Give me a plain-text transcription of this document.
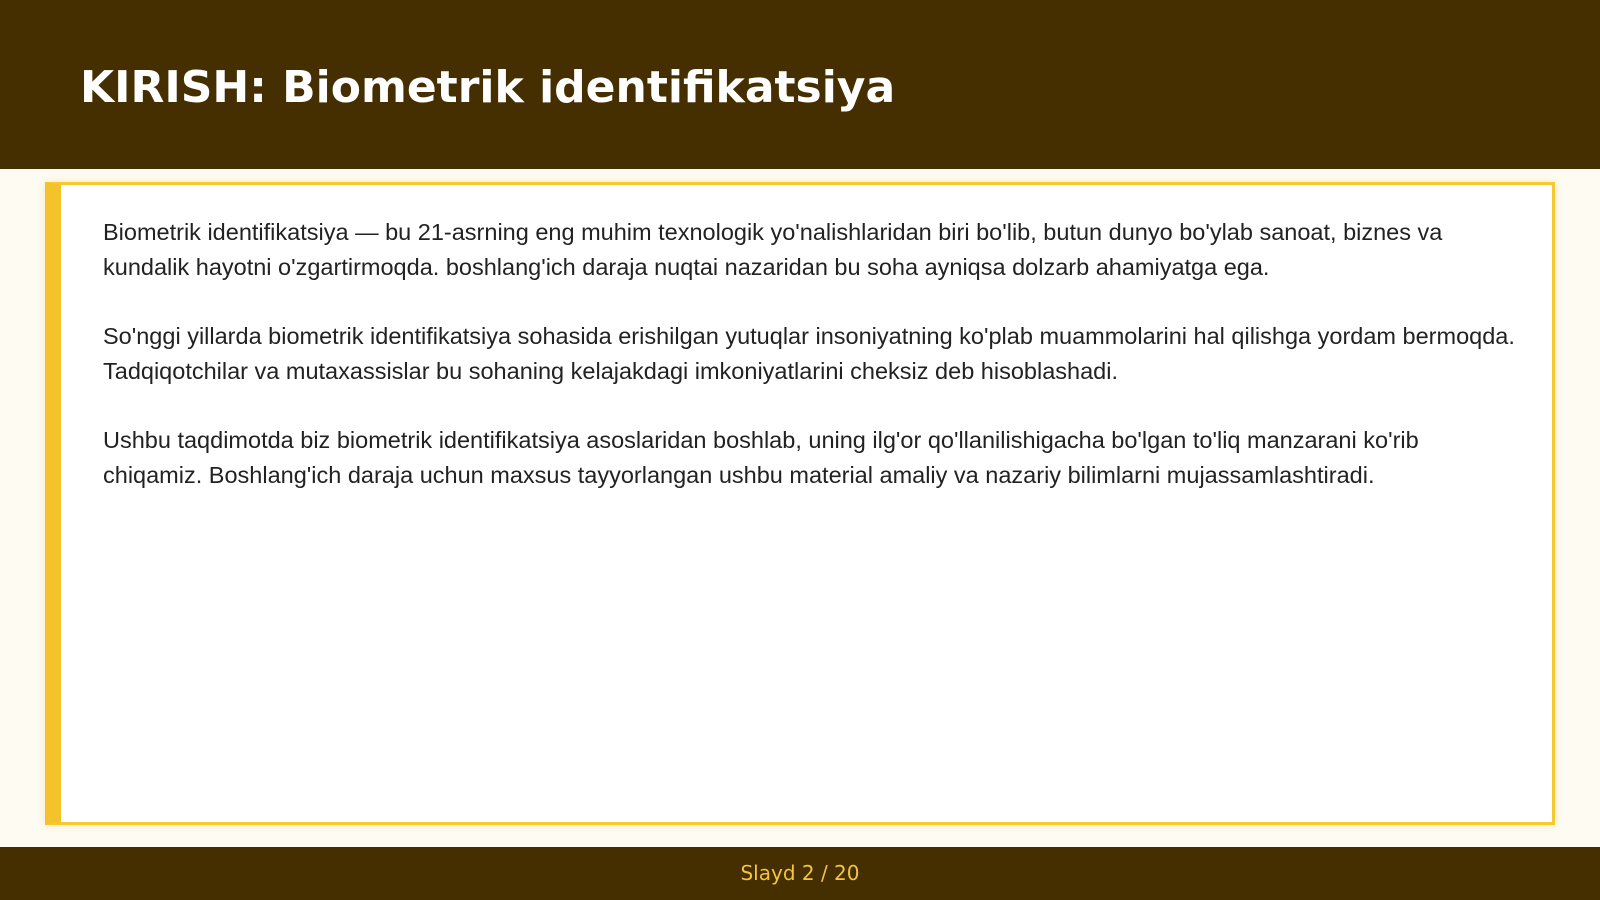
KIRISH: Biometrik identifikatsiya

Biometrik identifikatsiya — bu 21-asrning eng muhim texnologik yo'nalishlaridan biri bo'lib, butun dunyo bo'ylab sanoat, biznes va kundalik hayotni o'zgartirmoqda. boshlang'ich daraja nuqtai nazaridan bu soha ayniqsa dolzarb ahamiyatga ega.

So'nggi yillarda biometrik identifikatsiya sohasida erishilgan yutuqlar insoniyatning ko'plab muammolarini hal qilishga yordam bermoqda. Tadqiqotchilar va mutaxassislar bu sohaning kelajakdagi imkoniyatlarini cheksiz deb hisoblashadi.

Ushbu taqdimotda biz biometrik identifikatsiya asoslaridan boshlab, uning ilg'or qo'llanilishigacha bo'lgan to'liq manzarani ko'rib chiqamiz. Boshlang'ich daraja uchun maxsus tayyorlangan ushbu material amaliy va nazariy bilimlarni mujassamlashtiradi.

Slayd 2 / 20
